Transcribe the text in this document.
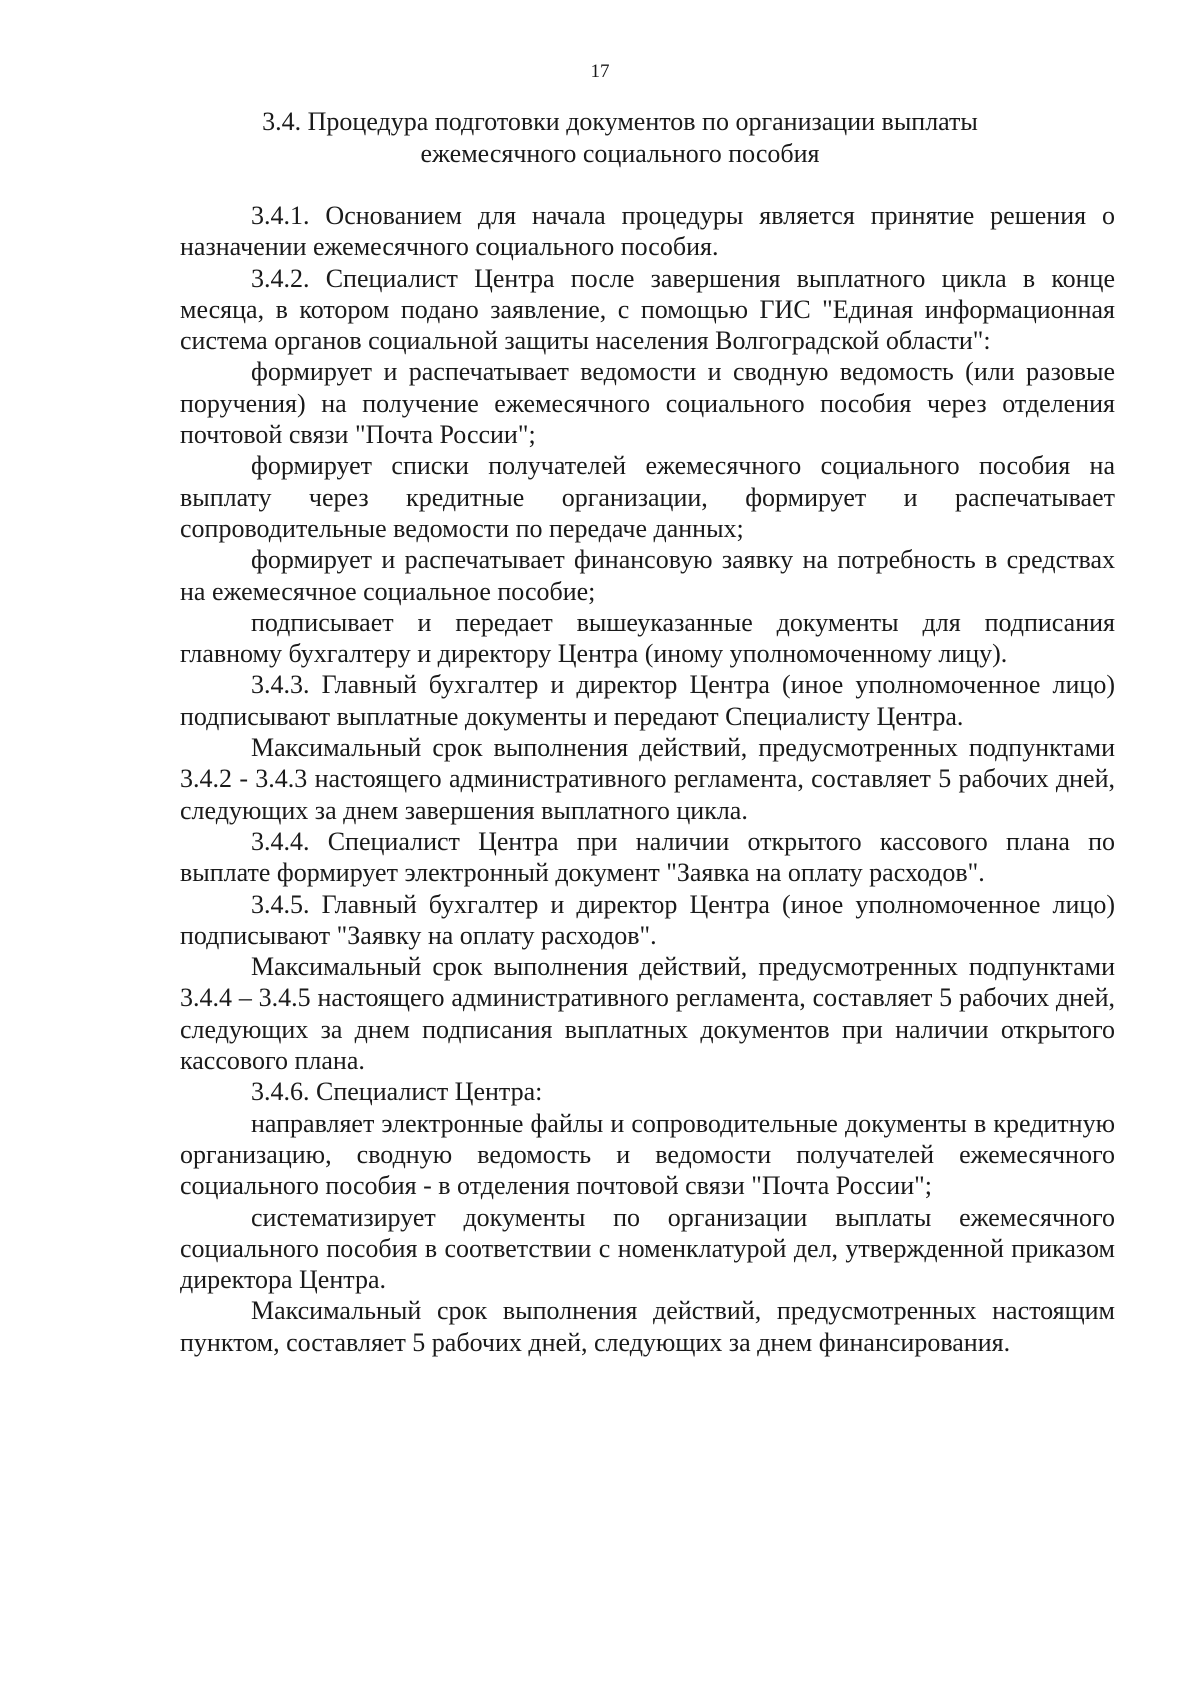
17
3.4. Процедура подготовки документов по организации выплаты
ежемесячного социального пособия

3.4.1. Основанием для начала процедуры является принятие решения о назначении ежемесячного социального пособия.

3.4.2. Специалист Центра после завершения выплатного цикла в конце месяца, в котором подано заявление, с помощью ГИС "Единая информационная система органов социальной защиты населения Волгоградской области":

формирует и распечатывает ведомости и сводную ведомость (или разовые поручения) на получение ежемесячного социального пособия через отделения почтовой связи "Почта России";

формирует списки получателей ежемесячного социального пособия на выплату через кредитные организации, формирует и распечатывает сопроводительные ведомости по передаче данных;

формирует и распечатывает финансовую заявку на потребность в средствах на ежемесячное социальное пособие;

подписывает и передает вышеуказанные документы для подписания главному бухгалтеру и директору Центра (иному уполномоченному лицу).

3.4.3. Главный бухгалтер и директор Центра (иное уполномоченное лицо) подписывают выплатные документы и передают Специалисту Центра.

Максимальный срок выполнения действий, предусмотренных подпунктами 3.4.2 - 3.4.3 настоящего административного регламента, составляет 5 рабочих дней, следующих за днем завершения выплатного цикла.

3.4.4. Специалист Центра при наличии открытого кассового плана по выплате формирует электронный документ "Заявка на оплату расходов".

3.4.5. Главный бухгалтер и директор Центра (иное уполномоченное лицо) подписывают "Заявку на оплату расходов".

Максимальный срок выполнения действий, предусмотренных подпунктами 3.4.4 – 3.4.5 настоящего административного регламента, составляет 5 рабочих дней, следующих за днем подписания выплатных документов при наличии открытого кассового плана.

3.4.6. Специалист Центра:

направляет электронные файлы и сопроводительные документы в кредитную организацию, сводную ведомость и ведомости получателей ежемесячного социального пособия - в отделения почтовой связи "Почта России";

систематизирует документы по организации выплаты ежемесячного социального пособия в соответствии с номенклатурой дел, утвержденной приказом директора Центра.

Максимальный срок выполнения действий, предусмотренных настоящим пунктом, составляет 5 рабочих дней, следующих за днем финансирования.
